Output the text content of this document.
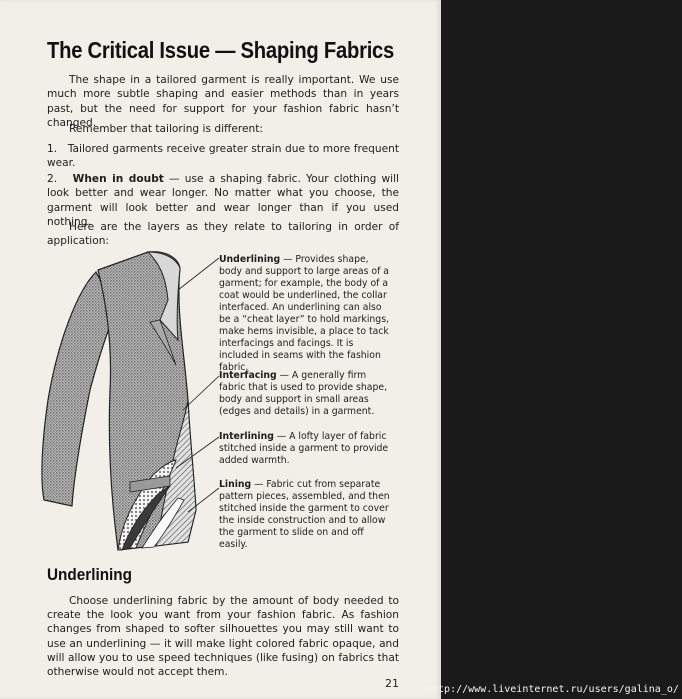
The Critical Issue — Shaping Fabrics

The shape in a tailored garment is really important. We use much more subtle shaping and easier methods than in years past, but the need for support for your fashion fabric hasn’t changed.

Remember that tailoring is different:

1.   Tailored garments receive greater strain due to more frequent wear.

2. When in doubt — use a shaping fabric. Your clothing will look better and wear longer. No matter what you choose, the garment will look better and wear longer than if you used nothing.

Here are the layers as they relate to tailoring in order of application:

Underlining — Provides shape, body and support to large areas of a garment; for example, the body of a coat would be underlined, the collar interfaced. An underlining can also be a “cheat layer” to hold markings, make hems invisible, a place to tack interfacings and facings. It is included in seams with the fashion fabric.

Interfacing — A generally firm fabric that is used to provide shape, body and support in small areas (edges and details) in a garment.

Interlining — A lofty layer of fabric stitched inside a garment to provide added warmth.

Lining — Fabric cut from separate pattern pieces, assembled, and then stitched inside the garment to cover the inside construction and to allow the garment to slide on and off easily.

Underlining

Choose underlining fabric by the amount of body needed to create the look you want from your fashion fabric. As fashion changes from shaped to softer silhouettes you may still want to use an underlining — it will make light colored fabric opaque, and will allow you to use speed techniques (like fusing) on fabrics that otherwise would not accept them.

21	http://www.liveinternet.ru/users/galina_o/
